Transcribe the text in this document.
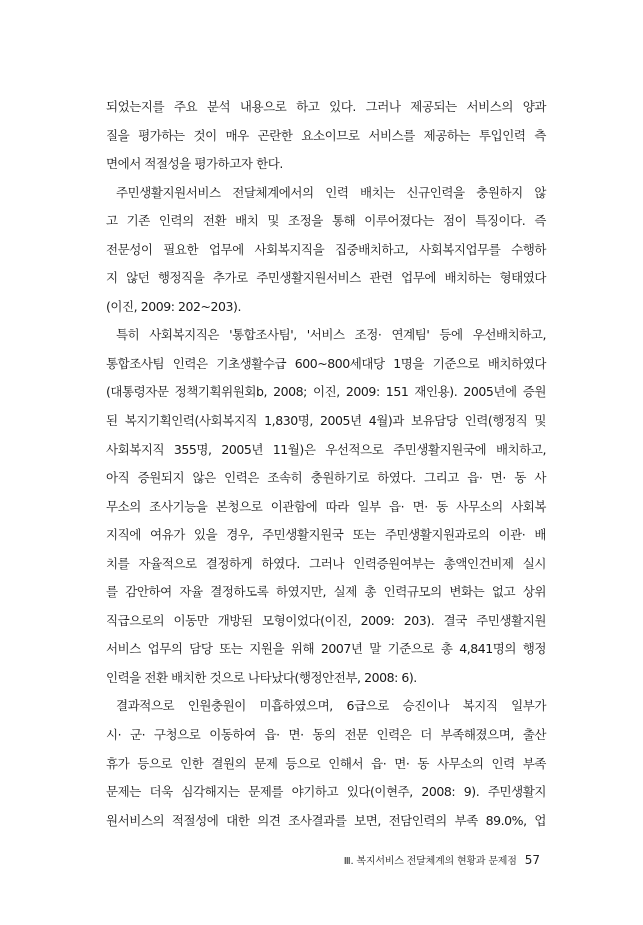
되었는지를 주요 분석 내용으로 하고 있다. 그러나 제공되는 서비스의 양과
질을 평가하는 것이 매우 곤란한 요소이므로 서비스를 제공하는 투입인력 측
면에서 적절성을 평가하고자 한다.
주민생활지원서비스 전달체계에서의 인력 배치는 신규인력을 충원하지 않
고 기존 인력의 전환 배치 및 조정을 통해 이루어졌다는 점이 특징이다. 즉
전문성이 필요한 업무에 사회복지직을 집중배치하고, 사회복지업무를 수행하
지 않던 행정직을 추가로 주민생활지원서비스 관련 업무에 배치하는 형태였다
(이진, 2009: 202~203).
특히 사회복지직은 '통합조사팀', '서비스 조정· 연계팀' 등에 우선배치하고,
통합조사팀 인력은 기초생활수급 600~800세대당 1명을 기준으로 배치하였다
(대통령자문 정책기획위원회b, 2008; 이진, 2009: 151 재인용). 2005년에 증원
된 복지기획인력(사회복지직 1,830명, 2005년 4월)과 보유담당 인력(행정직 및
사회복지직 355명, 2005년 11월)은 우선적으로 주민생활지원국에 배치하고,
아직 증원되지 않은 인력은 조속히 충원하기로 하였다. 그리고 읍· 면· 동 사
무소의 조사기능을 본청으로 이관함에 따라 일부 읍· 면· 동 사무소의 사회복
지직에 여유가 있을 경우, 주민생활지원국 또는 주민생활지원과로의 이관· 배
치를 자율적으로 결정하게 하였다. 그러나 인력증원여부는 총액인건비제 실시
를 감안하여 자율 결정하도록 하였지만, 실제 총 인력규모의 변화는 없고 상위
직급으로의 이동만 개방된 모형이었다(이진, 2009: 203). 결국 주민생활지원
서비스 업무의 담당 또는 지원을 위해 2007년 말 기준으로 총 4,841명의 행정
인력을 전환 배치한 것으로 나타났다(행정안전부, 2008: 6).
결과적으로 인원충원이 미흡하였으며, 6급으로 승진이나 복지직 일부가
시· 군· 구청으로 이동하여 읍· 면· 동의 전문 인력은 더 부족해졌으며, 출산
휴가 등으로 인한 결원의 문제 등으로 인해서 읍· 면· 동 사무소의 인력 부족
문제는 더욱 심각해지는 문제를 야기하고 있다(이현주, 2008: 9). 주민생활지
원서비스의 적절성에 대한 의견 조사결과를 보면, 전담인력의 부족 89.0%, 업
Ⅲ. 복지서비스 전달체계의 현황과 문제점 57
